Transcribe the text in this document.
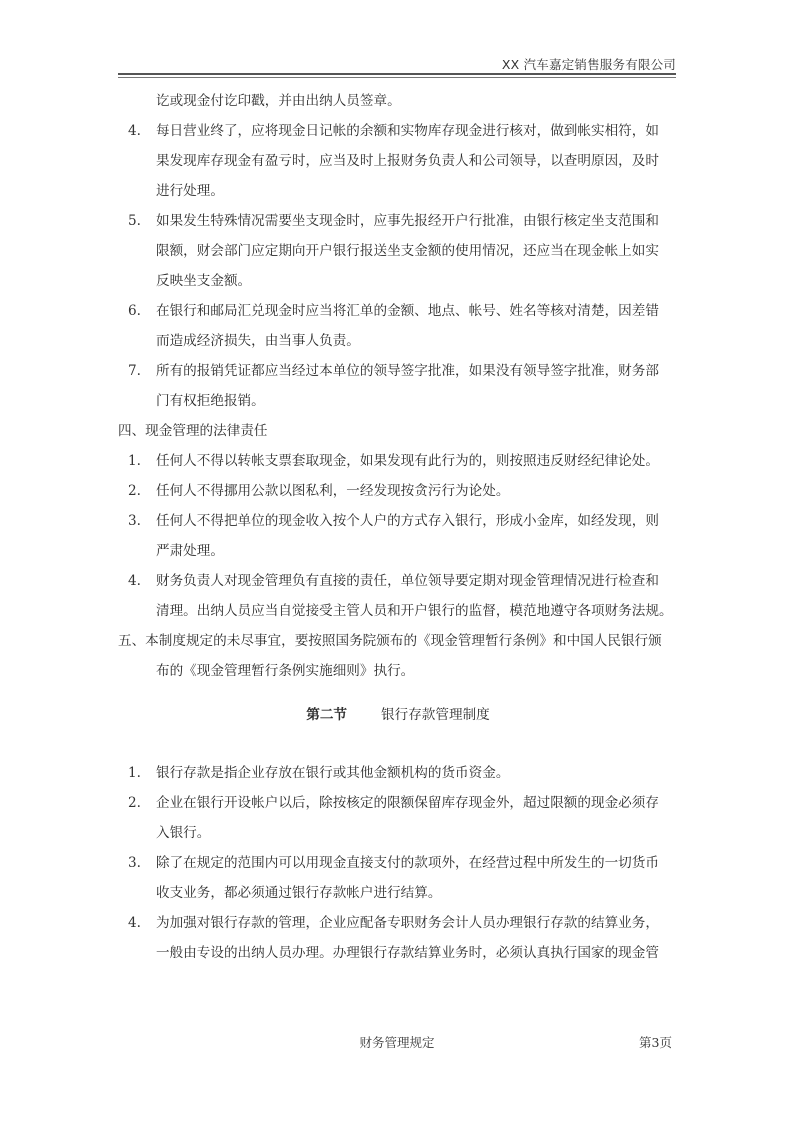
XX 汽车嘉定销售服务有限公司
讫或现金付讫印戳，并由出纳人员签章。
4. 每日营业终了，应将现金日记帐的余额和实物库存现金进行核对，做到帐实相符，如
果发现库存现金有盈亏时，应当及时上报财务负责人和公司领导，以查明原因，及时
进行处理。
5. 如果发生特殊情况需要坐支现金时，应事先报经开户行批准，由银行核定坐支范围和
限额，财会部门应定期向开户银行报送坐支金额的使用情况，还应当在现金帐上如实
反映坐支金额。
6. 在银行和邮局汇兑现金时应当将汇单的金额、地点、帐号、姓名等核对清楚，因差错
而造成经济损失，由当事人负责。
7. 所有的报销凭证都应当经过本单位的领导签字批准，如果没有领导签字批准，财务部
门有权拒绝报销。
四、现金管理的法律责任
1. 任何人不得以转帐支票套取现金，如果发现有此行为的，则按照违反财经纪律论处。
2. 任何人不得挪用公款以图私利，一经发现按贪污行为论处。
3. 任何人不得把单位的现金收入按个人户的方式存入银行，形成小金库，如经发现，则
严肃处理。
4. 财务负责人对现金管理负有直接的责任，单位领导要定期对现金管理情况进行检查和
清理。出纳人员应当自觉接受主管人员和开户银行的监督，模范地遵守各项财务法规。
五、本制度规定的未尽事宜，要按照国务院颁布的《现金管理暂行条例》和中国人民银行颁
布的《现金管理暂行条例实施细则》执行。
第二节	银行存款管理制度
1. 银行存款是指企业存放在银行或其他金额机构的货币资金。
2. 企业在银行开设帐户以后，除按核定的限额保留库存现金外，超过限额的现金必须存
入银行。
3. 除了在规定的范围内可以用现金直接支付的款项外，在经营过程中所发生的一切货币
收支业务，都必须通过银行存款帐户进行结算。
4. 为加强对银行存款的管理，企业应配备专职财务会计人员办理银行存款的结算业务，
一般由专设的出纳人员办理。办理银行存款结算业务时，必须认真执行国家的现金管
财务管理规定	第3页
